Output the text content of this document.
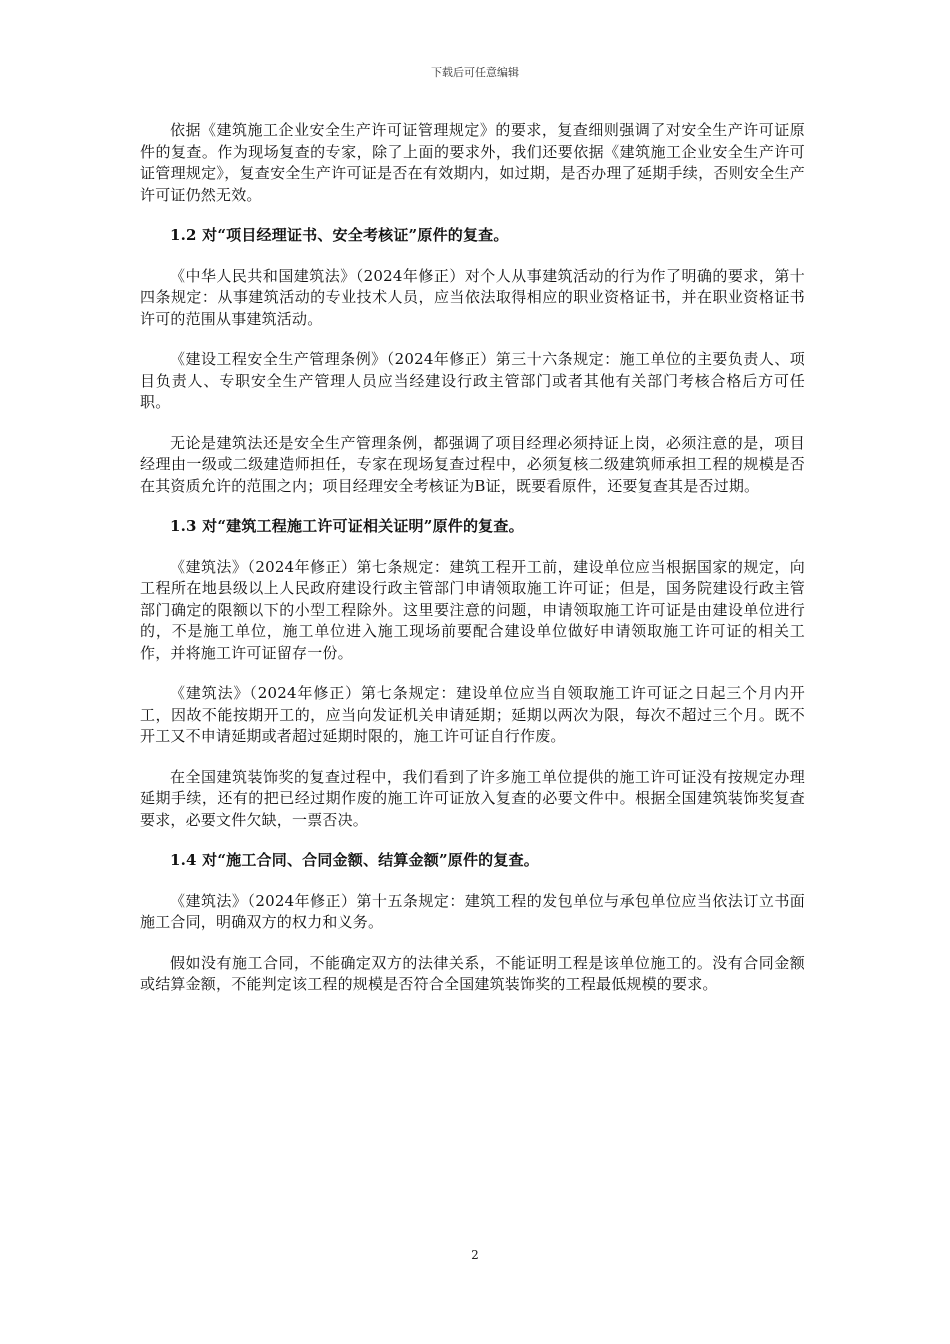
下载后可任意编辑

依据《建筑施工企业安全生产许可证管理规定》的要求，复查细则强调了对安全生产许可证原件的复查。作为现场复查的专家，除了上面的要求外，我们还要依据《建筑施工企业安全生产许可证管理规定》，复查安全生产许可证是否在有效期内，如过期，是否办理了延期手续，否则安全生产许可证仍然无效。

1.2 对“项目经理证书、安全考核证”原件的复查。

《中华人民共和国建筑法》（2024年修正）对个人从事建筑活动的行为作了明确的要求，第十四条规定：从事建筑活动的专业技术人员，应当依法取得相应的职业资格证书，并在职业资格证书许可的范围从事建筑活动。

《建设工程安全生产管理条例》（2024年修正）第三十六条规定：施工单位的主要负责人、项目负责人、专职安全生产管理人员应当经建设行政主管部门或者其他有关部门考核合格后方可任职。

无论是建筑法还是安全生产管理条例，都强调了项目经理必须持证上岗，必须注意的是，项目经理由一级或二级建造师担任，专家在现场复查过程中，必须复核二级建筑师承担工程的规模是否在其资质允许的范围之内；项目经理安全考核证为B证，既要看原件，还要复查其是否过期。

1.3 对“建筑工程施工许可证相关证明”原件的复查。

《建筑法》（2024年修正）第七条规定：建筑工程开工前，建设单位应当根据国家的规定，向工程所在地县级以上人民政府建设行政主管部门申请领取施工许可证；但是，国务院建设行政主管部门确定的限额以下的小型工程除外。这里要注意的问题，申请领取施工许可证是由建设单位进行的，不是施工单位，施工单位进入施工现场前要配合建设单位做好申请领取施工许可证的相关工作，并将施工许可证留存一份。

《建筑法》（2024年修正）第七条规定：建设单位应当自领取施工许可证之日起三个月内开工，因故不能按期开工的，应当向发证机关申请延期；延期以两次为限，每次不超过三个月。既不开工又不申请延期或者超过延期时限的，施工许可证自行作废。

在全国建筑装饰奖的复查过程中，我们看到了许多施工单位提供的施工许可证没有按规定办理延期手续，还有的把已经过期作废的施工许可证放入复查的必要文件中。根据全国建筑装饰奖复查要求，必要文件欠缺，一票否决。

1.4 对“施工合同、合同金额、结算金额”原件的复查。

《建筑法》（2024年修正）第十五条规定：建筑工程的发包单位与承包单位应当依法订立书面施工合同，明确双方的权力和义务。

假如没有施工合同，不能确定双方的法律关系，不能证明工程是该单位施工的。没有合同金额或结算金额，不能判定该工程的规模是否符合全国建筑装饰奖的工程最低规模的要求。

2
